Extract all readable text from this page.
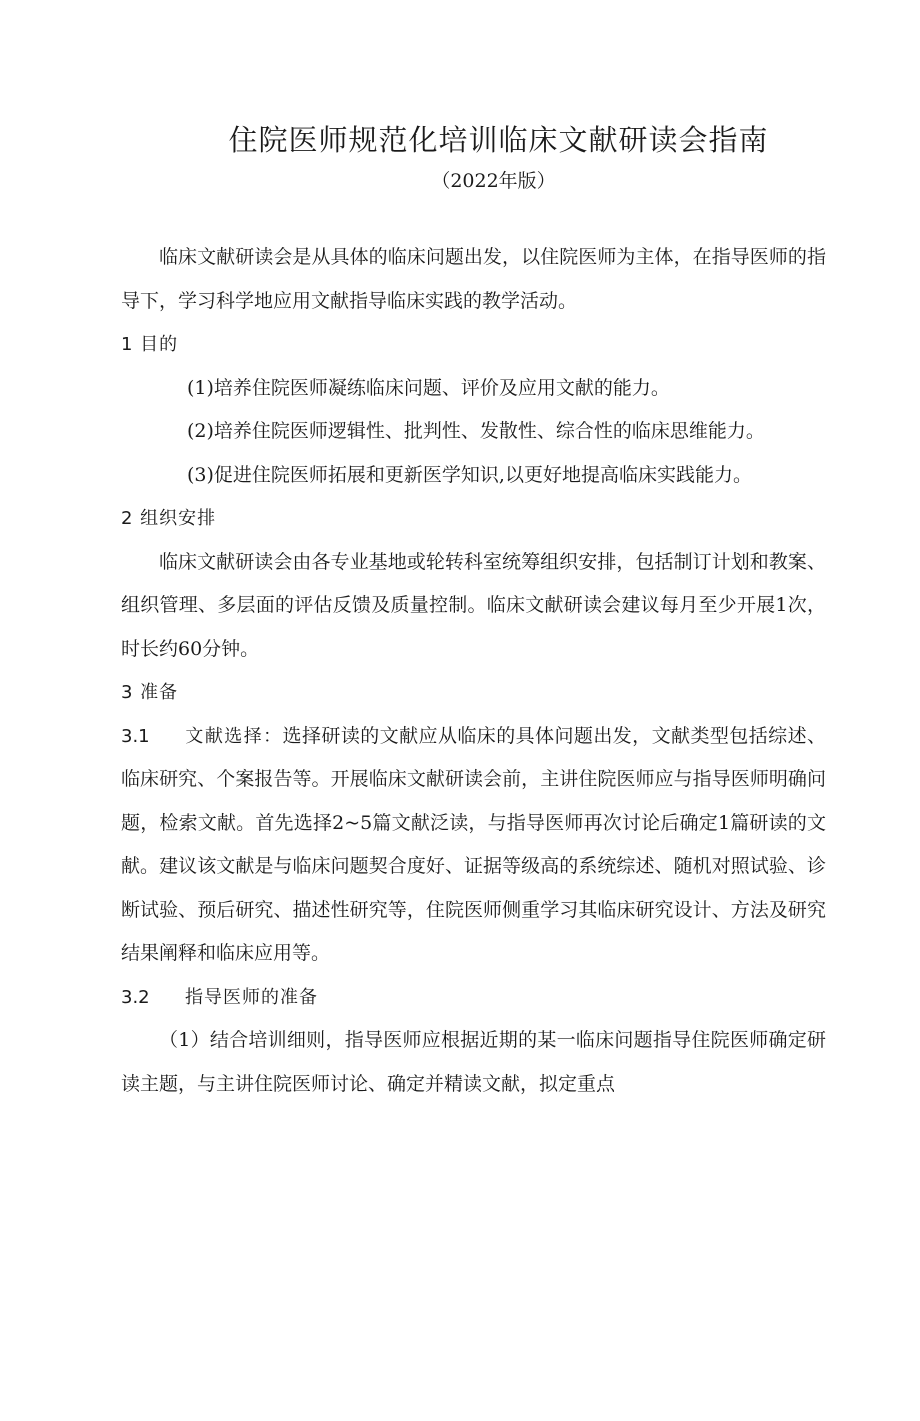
住院医师规范化培训临床文献研读会指南
（2022年版）

临床文献研读会是从具体的临床问题出发，以住院医师为主体，在指导医师的指导下，学习科学地应用文献指导临床实践的教学活动。

1 目的

(1)培养住院医师凝练临床问题、评价及应用文献的能力。

(2)培养住院医师逻辑性、批判性、发散性、综合性的临床思维能力。

(3)促进住院医师拓展和更新医学知识,以更好地提高临床实践能力。

2 组织安排

临床文献研读会由各专业基地或轮转科室统筹组织安排，包括制订计划和教案、组织管理、多层面的评估反馈及质量控制。临床文献研读会建议每月至少开展1次，时长约60分钟。

3 准备

3.1 文献选择：选择研读的文献应从临床的具体问题出发，文献类型包括综述、临床研究、个案报告等。开展临床文献研读会前，主讲住院医师应与指导医师明确问题，检索文献。首先选择2~5篇文献泛读，与指导医师再次讨论后确定1篇研读的文献。建议该文献是与临床问题契合度好、证据等级高的系统综述、随机对照试验、诊断试验、预后研究、描述性研究等，住院医师侧重学习其临床研究设计、方法及研究结果阐释和临床应用等。

3.2 指导医师的准备

（1）结合培训细则，指导医师应根据近期的某一临床问题指导住院医师确定研读主题，与主讲住院医师讨论、确定并精读文献，拟定重点
